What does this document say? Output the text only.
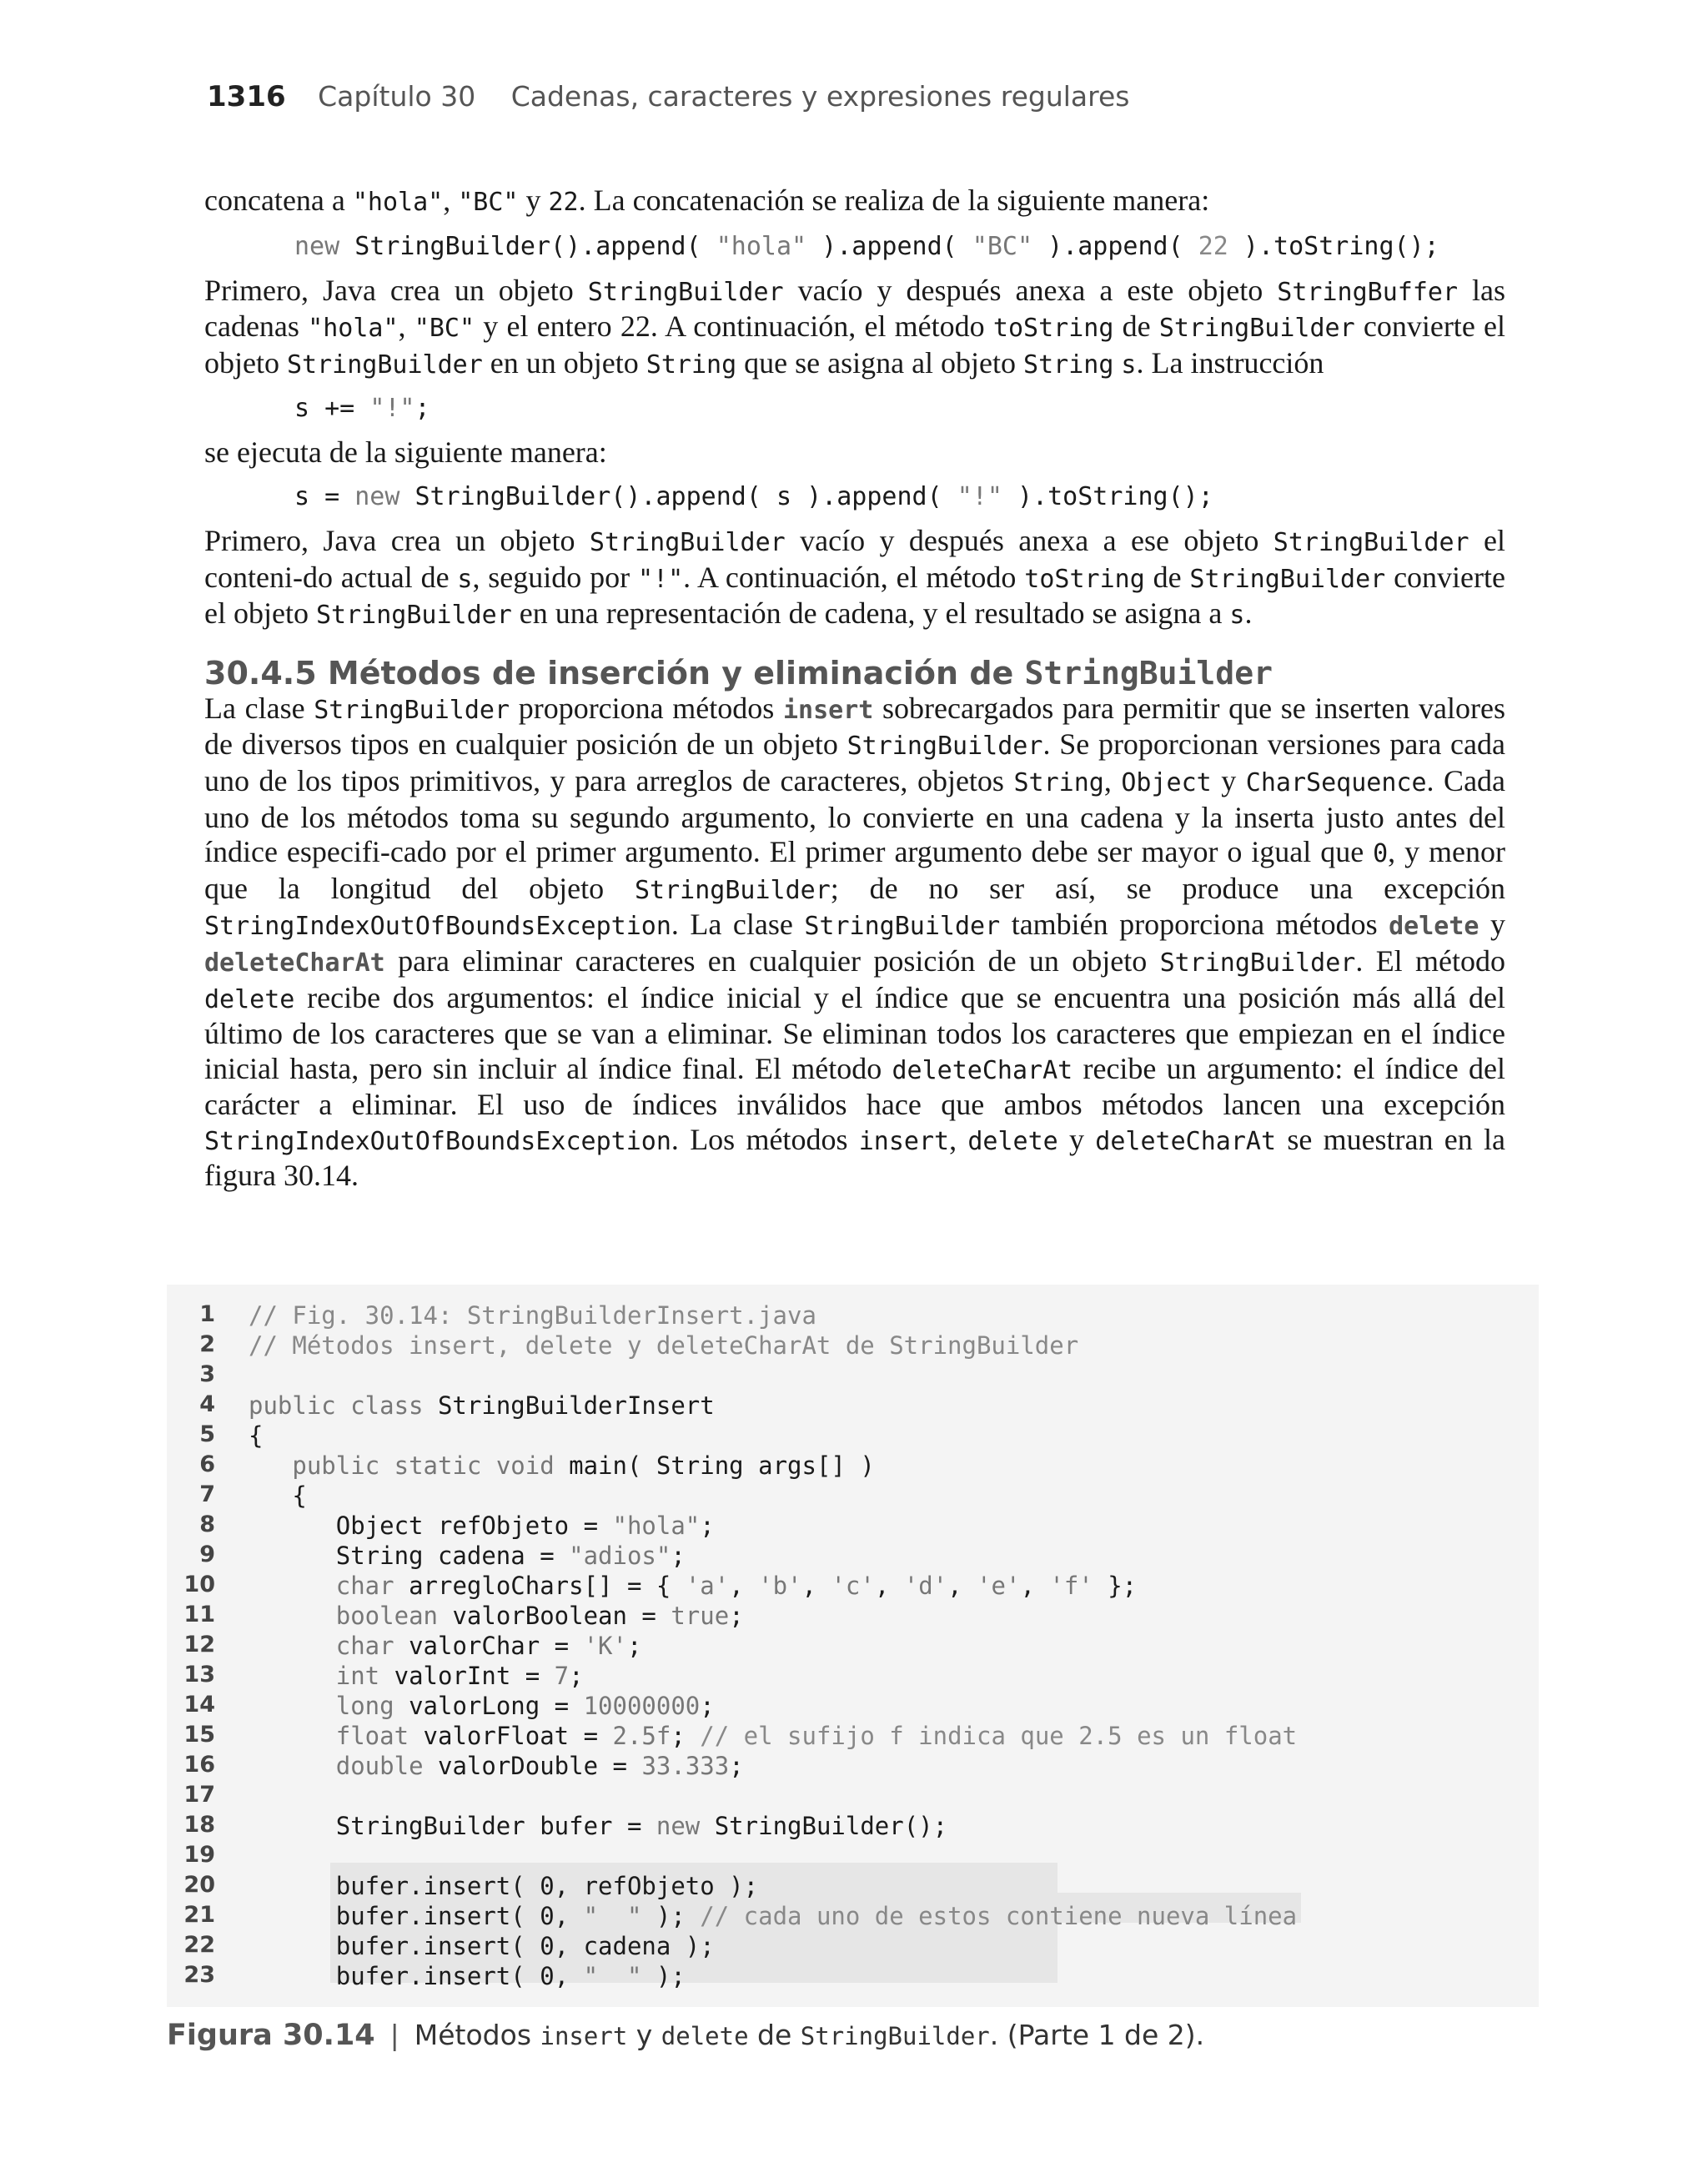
1316 Capítulo 30 Cadenas, caracteres y expresiones regulares

concatena a "hola", "BC" y 22. La concatenación se realiza de la siguiente manera:

new StringBuilder().append( "hola" ).append( "BC" ).append( 22 ).toString();

Primero, Java crea un objeto StringBuilder vacío y después anexa a este objeto StringBuffer las cadenas "hola", "BC" y el entero 22. A continuación, el método toString de StringBuilder convierte el objeto StringBuilder en un objeto String que se asigna al objeto String s. La instrucción

s += "!";

se ejecuta de la siguiente manera:

s = new StringBuilder().append( s ).append( "!" ).toString();

Primero, Java crea un objeto StringBuilder vacío y después anexa a ese objeto StringBuilder el conteni-do actual de s, seguido por "!". A continuación, el método toString de StringBuilder convierte el objeto StringBuilder en una representación de cadena, y el resultado se asigna a s.

30.4.5 Métodos de inserción y eliminación de StringBuilder

La clase StringBuilder proporciona métodos insert sobrecargados para permitir que se inserten valores de diversos tipos en cualquier posición de un objeto StringBuilder. Se proporcionan versiones para cada uno de los tipos primitivos, y para arreglos de caracteres, objetos String, Object y CharSequence. Cada uno de los métodos toma su segundo argumento, lo convierte en una cadena y la inserta justo antes del índice especifi-cado por el primer argumento. El primer argumento debe ser mayor o igual que 0, y menor que la longitud del objeto StringBuilder; de no ser así, se produce una excepción StringIndexOutOfBoundsException. La clase StringBuilder también proporciona métodos delete y deleteCharAt para eliminar caracteres en cualquier posición de un objeto StringBuilder. El método delete recibe dos argumentos: el índice inicial y el índice que se encuentra una posición más allá del último de los caracteres que se van a eliminar. Se eliminan todos los caracteres que empiezan en el índice inicial hasta, pero sin incluir al índice final. El método deleteCharAt recibe un argumento: el índice del carácter a eliminar. El uso de índices inválidos hace que ambos métodos lancen una excepción StringIndexOutOfBoundsException. Los métodos insert, delete y deleteCharAt se muestran en la figura 30.14.

1 // Fig. 30.14: StringBuilderInsert.java
2 // Métodos insert, delete y deleteCharAt de StringBuilder
3
4 public class StringBuilderInsert
5 {
6	public static void main( String args[] )
7 {
8 Object refObjeto = "hola";
9 String cadena = "adios";
10	char arregloChars[] = { 'a', 'b', 'c', 'd', 'e', 'f' };
11	boolean valorBoolean = true;
12	char valorChar = 'K';
13	int valorInt = 7;
14	long valorLong = 10000000;
15	float valorFloat = 2.5f; // el sufijo f indica que 2.5 es un float
16	double valorDouble = 33.333;
17
18 StringBuilder bufer = new StringBuilder();
19
20 bufer.insert( 0, refObjeto );
21 bufer.insert( 0, "  " ); // cada uno de estos contiene nueva línea
22 bufer.insert( 0, cadena );
23 bufer.insert( 0, "  " );
Figura 30.14 | Métodos insert y delete de StringBuilder. (Parte 1 de 2).
